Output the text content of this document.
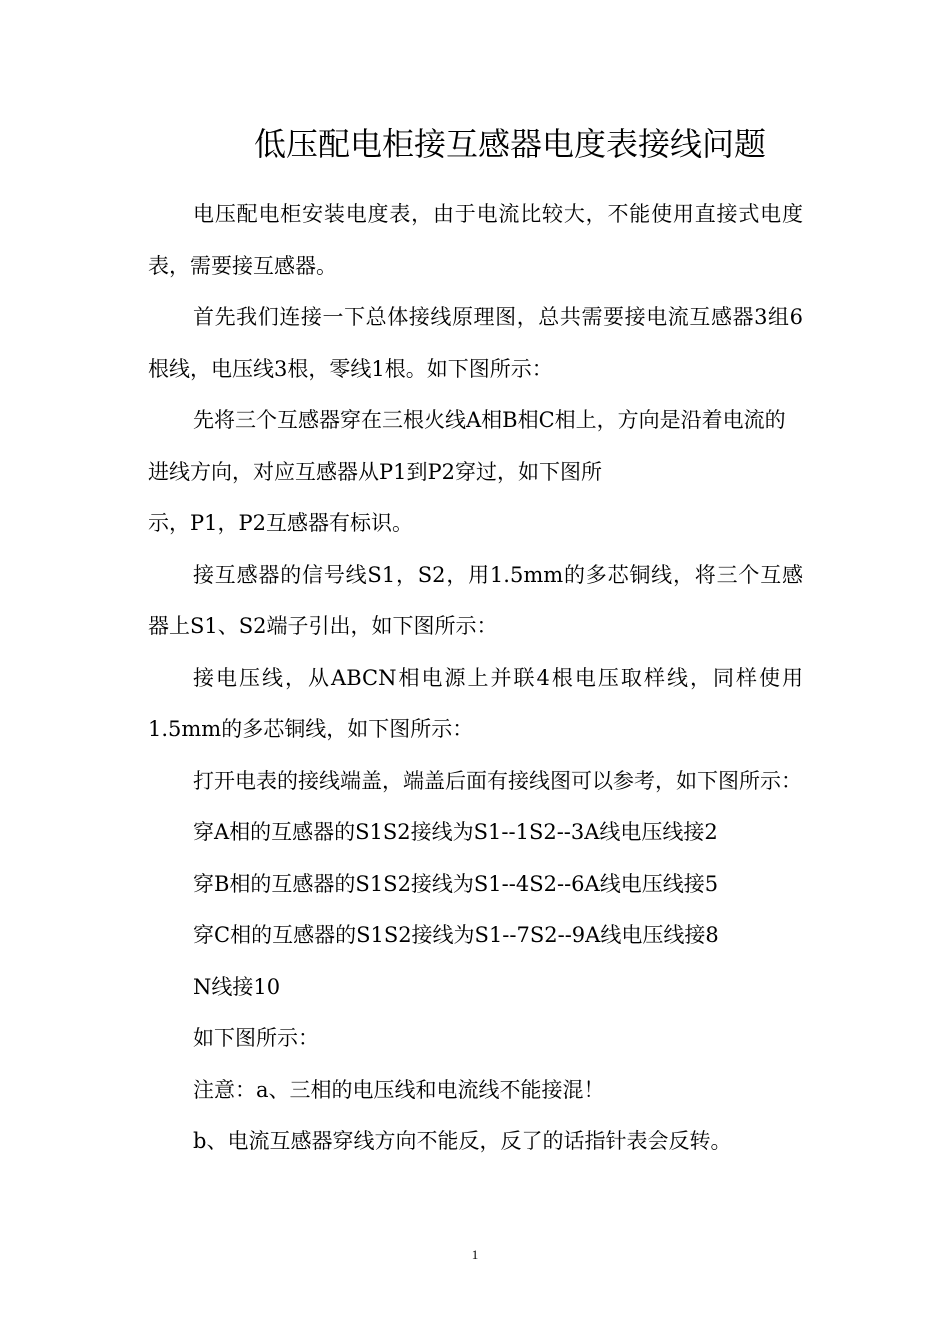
低压配电柜接互感器电度表接线问题

电压配电柜安装电度表，由于电流比较大，不能使用直接式电度表，需要接互感器。

首先我们连接一下总体接线原理图，总共需要接电流互感器3组6根线，电压线3根，零线1根。如下图所示：

先将三个互感器穿在三根火线A相B相C相上，方向是沿着电流的进线方向，对应互感器从P1到P2穿过，如下图所

示，P1，P2互感器有标识。

接互感器的信号线S1，S2，用1.5mm的多芯铜线，将三个互感器上S1、S2端子引出，如下图所示：

接电压线，从ABCN相电源上并联4根电压取样线，同样使用1.5mm的多芯铜线，如下图所示：

打开电表的接线端盖，端盖后面有接线图可以参考，如下图所示：

穿A相的互感器的S1S2接线为S1--1S2--3A线电压线接2

穿B相的互感器的S1S2接线为S1--4S2--6A线电压线接5

穿C相的互感器的S1S2接线为S1--7S2--9A线电压线接8

N线接10

如下图所示：

注意：a、三相的电压线和电流线不能接混！

b、电流互感器穿线方向不能反，反了的话指针表会反转。

1
